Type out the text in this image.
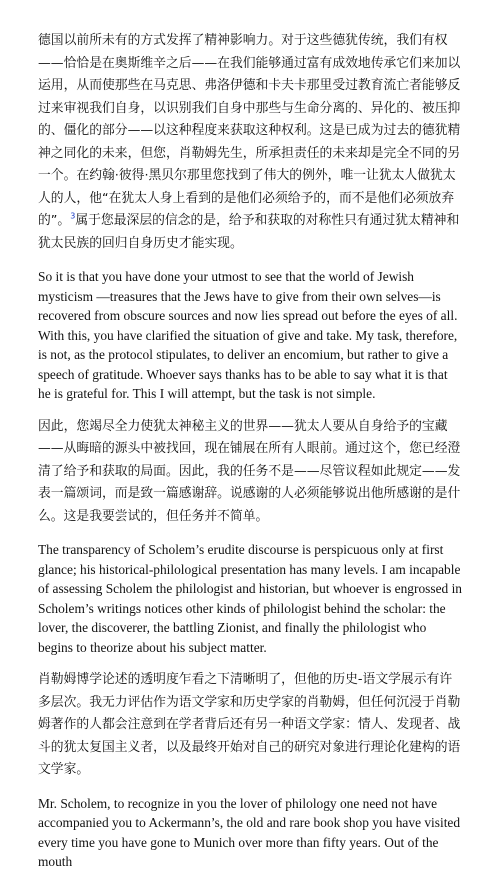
德国以前所未有的方式发挥了精神影响力。对于这些德犹传统，我们有权——恰恰是在奥斯维辛之后——在我们能够通过富有成效地传承它们来加以运用，从而使那些在马克思、弗洛伊德和卡夫卡那里受过教育流亡者能够反过来审视我们自身，以识别我们自身中那些与生命分离的、异化的、被压抑的、僵化的部分——以这种程度来获取这种权利。这是已成为过去的德犹精神之同化的未来，但您，肖勒姆先生，所承担责任的未来却是完全不同的另一个。在约翰·彼得·黑贝尔那里您找到了伟大的例外，唯一让犹太人做犹太人的人，他“在犹太人身上看到的是他们必须给予的，而不是他们必须放弃的”。$^3$属于您最深层的信念的是，给予和获取的对称性只有通过犹太精神和犹太民族的回归自身历史才能实现。

So it is that you have done your utmost to see that the world of Jewish mysticism —treasures that the Jews have to give from their own selves—is recovered from obscure sources and now lies spread out before the eyes of all. With this, you have clarified the situation of give and take. My task, therefore, is not, as the protocol stipulates, to deliver an encomium, but rather to give a speech of gratitude. Whoever says thanks has to be able to say what it is that he is grateful for. This I will attempt, but the task is not simple.

因此，您竭尽全力使犹太神秘主义的世界——犹太人要从自身给予的宝藏——从晦暗的源头中被找回，现在铺展在所有人眼前。通过这个，您已经澄清了给予和获取的局面。因此，我的任务不是——尽管议程如此规定——发表一篇颂词，而是致一篇感谢辞。说感谢的人必须能够说出他所感谢的是什么。这是我要尝试的，但任务并不简单。

The transparency of Scholem’s erudite discourse is perspicuous only at first glance; his historical-philological presentation has many levels. I am incapable of assessing Scholem the philologist and historian, but whoever is engrossed in Scholem’s writings notices other kinds of philologist behind the scholar: the lover, the discoverer, the battling Zionist, and finally the philologist who begins to theorize about his subject matter.

肖勒姆博学论述的透明度乍看之下清晰明了，但他的历史-语文学展示有许多层次。我无力评估作为语文学家和历史学家的肖勒姆，但任何沉浸于肖勒姆著作的人都会注意到在学者背后还有另一种语文学家：情人、发现者、战斗的犹太复国主义者，以及最终开始对自己的研究对象进行理论化建构的语文学家。

Mr. Scholem, to recognize in you the lover of philology one need not have accompanied you to Ackermann’s, the old and rare book shop you have visited every time you have gone to Munich over more than fifty years. Out of the mouth
